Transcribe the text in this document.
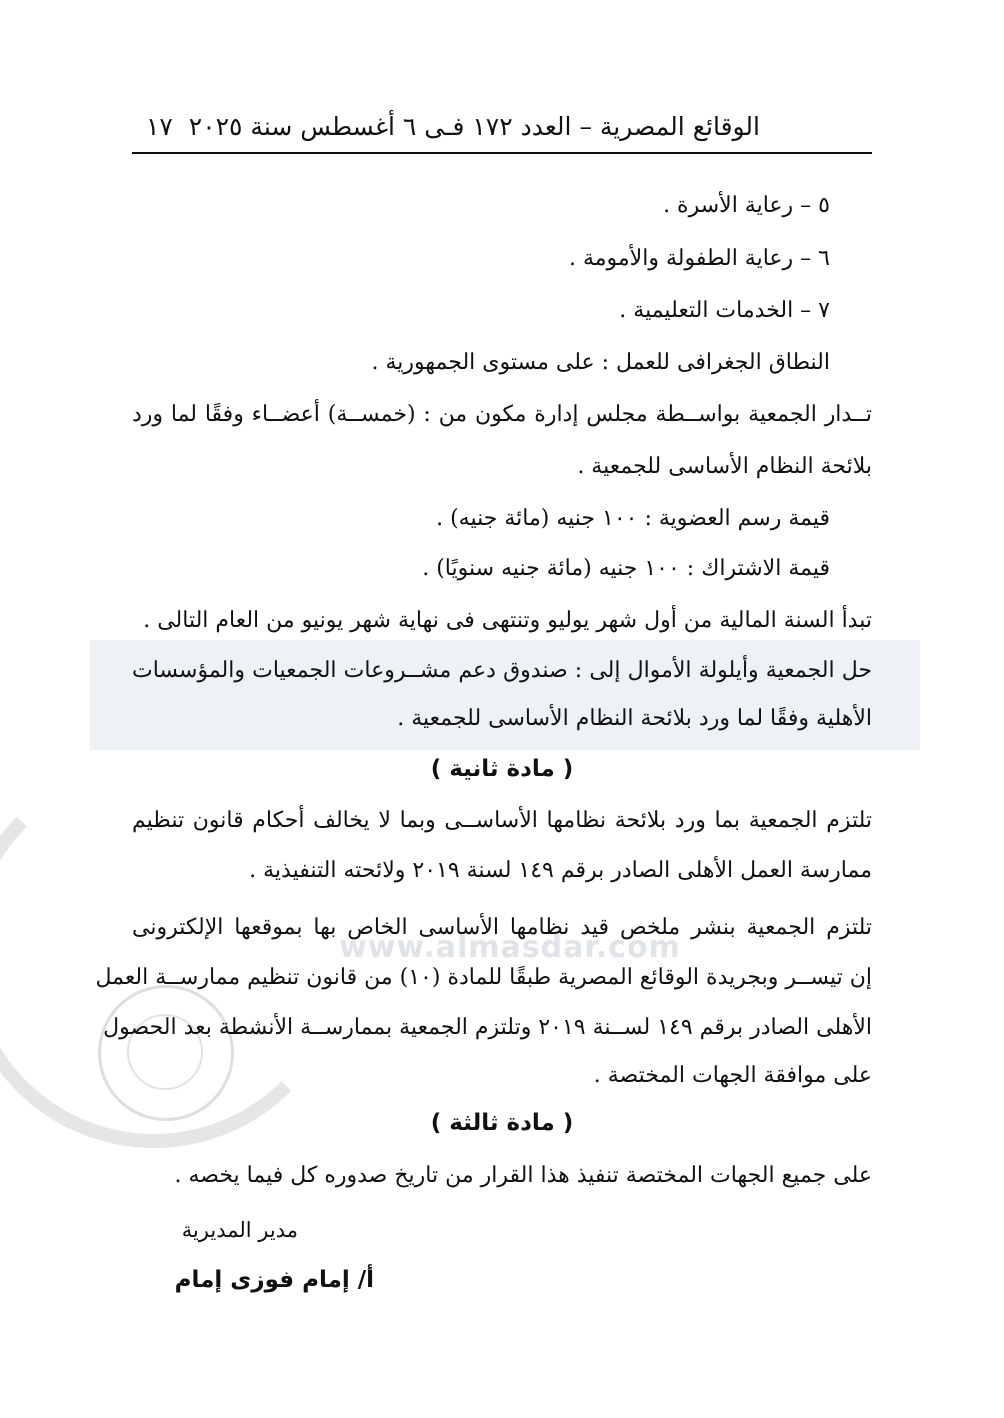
www.almasdar.com
الوقائع المصرية – العدد ١٧٢ فـى ٦ أغسطس سنة ٢٠٢٥
١٧
٥ – رعاية الأسرة .
٦ – رعاية الطفولة والأمومة .
٧ – الخدمات التعليمية .
النطاق الجغرافى للعمل : على مستوى الجمهورية .
تــدار الجمعية بواســطة مجلس إدارة مكون من : (خمســة) أعضــاء وفقًا لما ورد
بلائحة النظام الأساسى للجمعية .
قيمة رسم العضوية : ١٠٠ جنيه (مائة جنيه) .
قيمة الاشتراك : ١٠٠ جنيه (مائة جنيه سنويًا) .
تبدأ السنة المالية من أول شهر يوليو وتنتهى فى نهاية شهر يونيو من العام التالى .
حل الجمعية وأيلولة الأموال إلى : صندوق دعم مشــروعات الجمعيات والمؤسسات
الأهلية وفقًا لما ورد بلائحة النظام الأساسى للجمعية .
( مادة ثانية )
تلتزم الجمعية بما ورد بلائحة نظامها الأساســى وبما لا يخالف أحكام قانون تنظيم
ممارسة العمل الأهلى الصادر برقم ١٤٩ لسنة ٢٠١٩ ولائحته التنفيذية .
تلتزم الجمعية بنشر ملخص قيد نظامها الأساسى الخاص بها بموقعها الإلكترونى
إن تيســر وبجريدة الوقائع المصرية طبقًا للمادة (١٠) من قانون تنظيم ممارســة العمل
الأهلى الصادر برقم ١٤٩ لســنة ٢٠١٩ وتلتزم الجمعية بممارســة الأنشطة بعد الحصول
على موافقة الجهات المختصة .
( مادة ثالثة )
على جميع الجهات المختصة تنفيذ هذا القرار من تاريخ صدوره كل فيما يخصه .
مدير المديرية
أ/ إمام فوزى إمام
